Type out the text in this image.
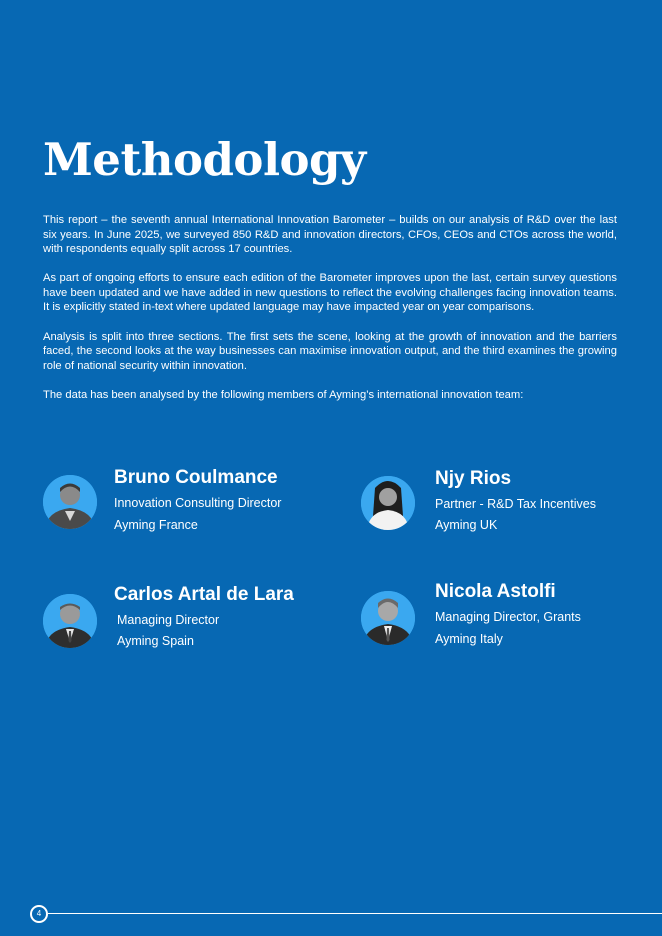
Methodology

This report – the seventh annual International Innovation Barometer – builds on our analysis of R&D over the last six years. In June 2025, we surveyed 850 R&D and innovation directors, CFOs, CEOs and CTOs across the world, with respondents equally split across 17 countries.

As part of ongoing efforts to ensure each edition of the Barometer improves upon the last, certain survey questions have been updated and we have added in new questions to reflect the evolving challenges facing innovation teams. It is explicitly stated in-text where updated language may have impacted year on year comparisons.

Analysis is split into three sections. The first sets the scene, looking at the growth of innovation and the barriers faced, the second looks at the way businesses can maximise innovation output, and the third examines the growing role of national security within innovation.

The data has been analysed by the following members of Ayming’s international innovation team:

Bruno Coulmance
Innovation Consulting Director
Ayming France
Njy Rios
Partner - R&D Tax Incentives
Ayming UK
Carlos Artal de Lara
Managing Director
Ayming Spain
Nicola Astolfi
Managing Director, Grants
Ayming Italy
4
